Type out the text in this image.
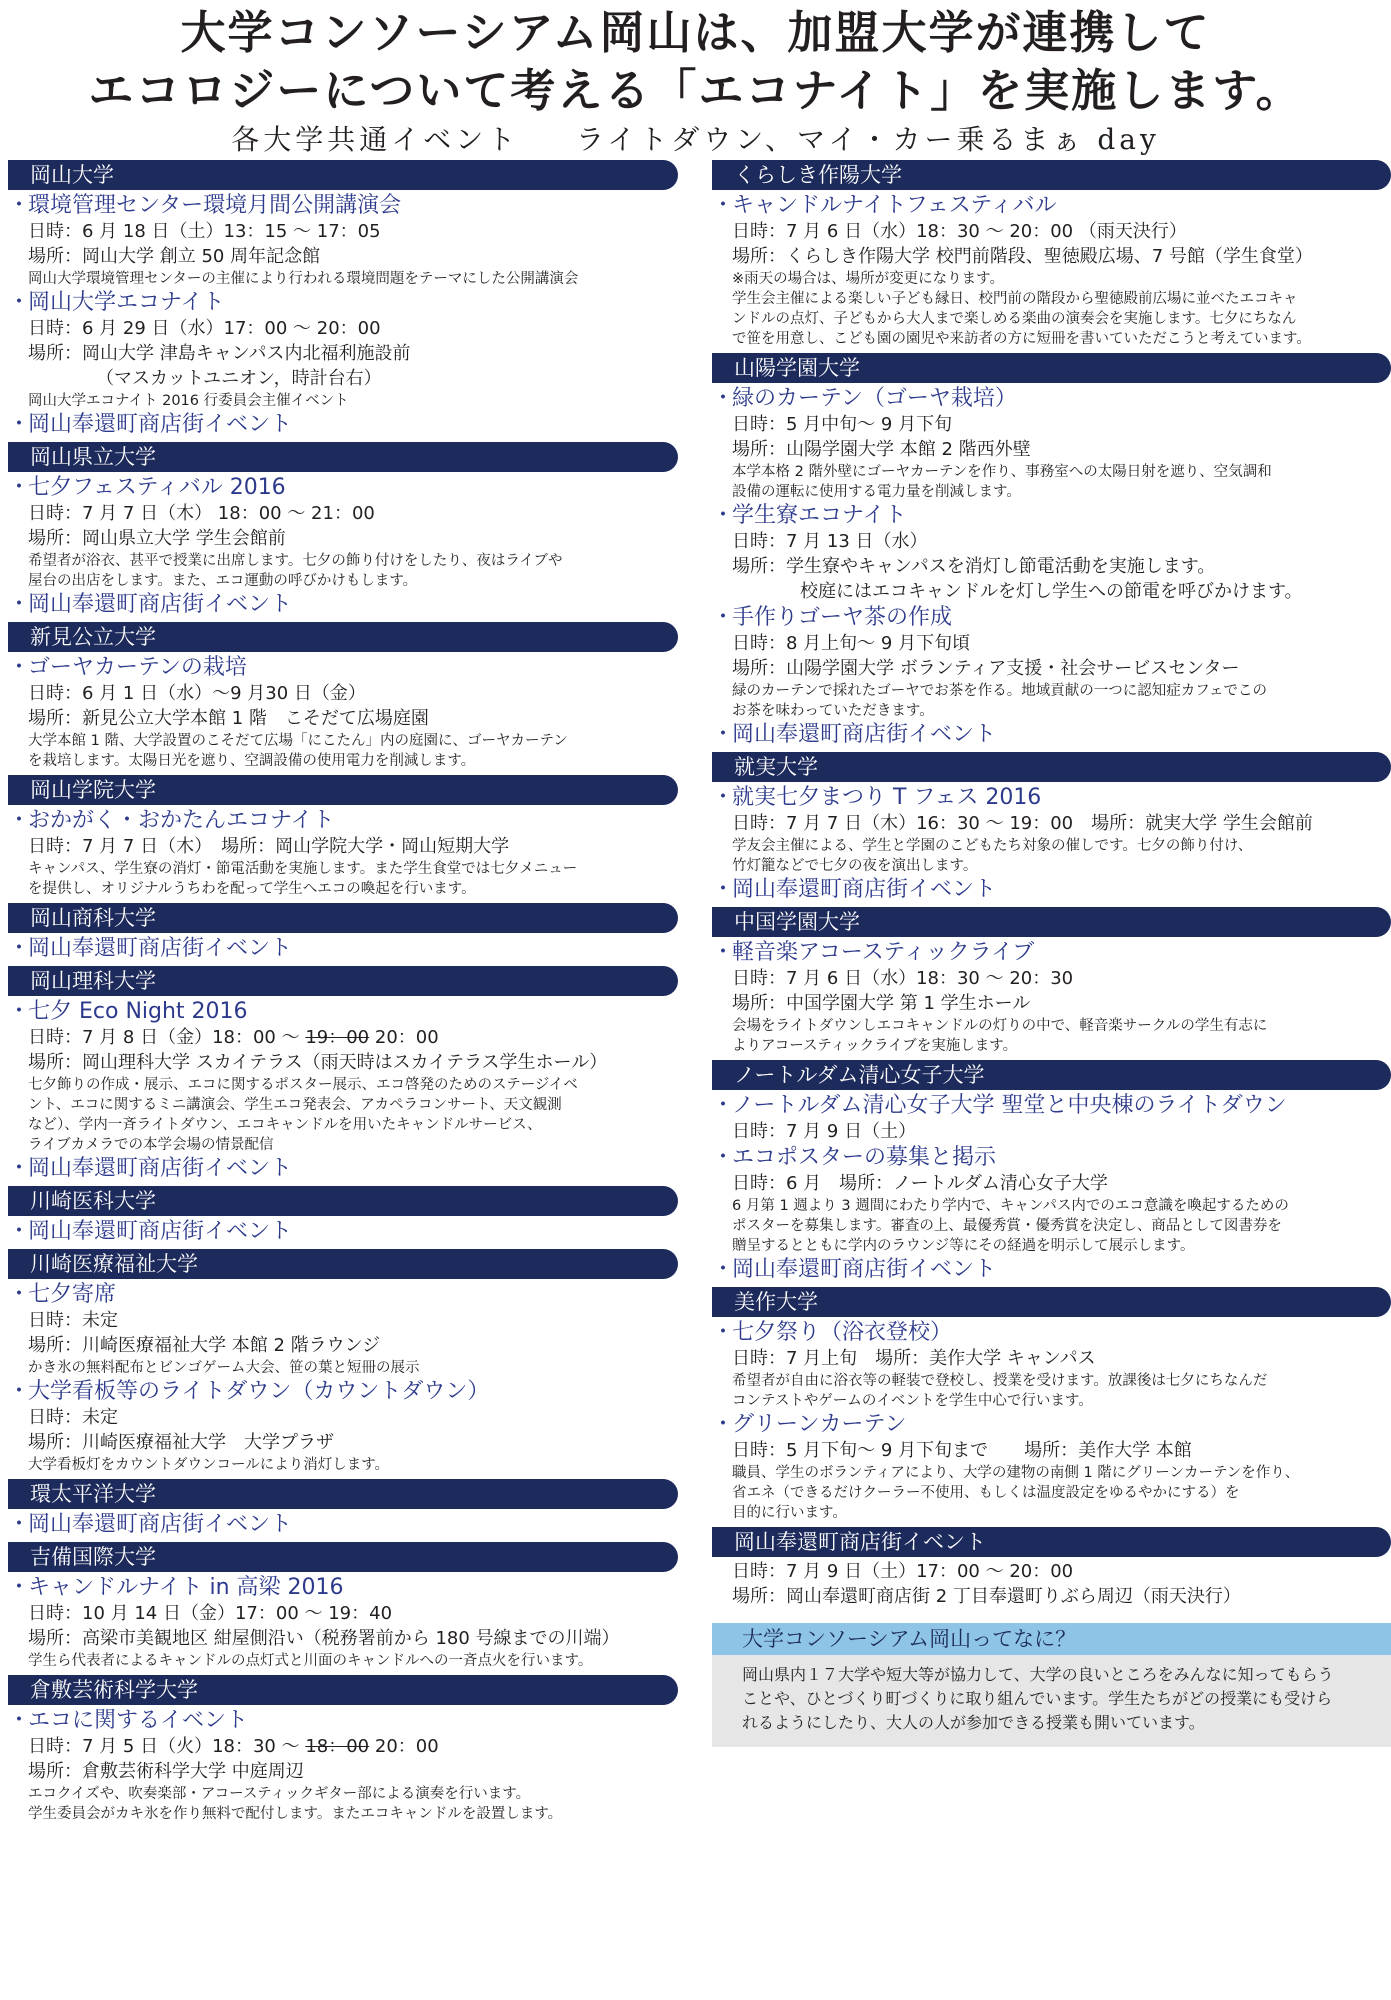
大学コンソーシアム岡山は、加盟大学が連携して
エコロジーについて考える「エコナイト」を実施します。
各大学共通イベント ライトダウン、マイ・カー乗るまぁ day
岡山大学
・環境管理センター環境月間公開講演会
日時：6 月 18 日（土）13：15 ～ 17：05
場所：岡山大学 創立 50 周年記念館
岡山大学環境管理センターの主催により行われる環境問題をテーマにした公開講演会
・岡山大学エコナイト
日時：6 月 29 日（水）17：00 ～ 20：00
場所：岡山大学 津島キャンパス内北福利施設前
（マスカットユニオン，時計台右）
岡山大学エコナイト 2016 行委員会主催イベント
・岡山奉還町商店街イベント
岡山県立大学
・七夕フェスティバル 2016
日時：7 月 7 日（木） 18：00 ～ 21：00
場所：岡山県立大学 学生会館前
希望者が浴衣、甚平で授業に出席します。七夕の飾り付けをしたり、夜はライブや
屋台の出店をします。また、エコ運動の呼びかけもします。
・岡山奉還町商店街イベント
新見公立大学
・ゴーヤカーテンの栽培
日時：6 月 1 日（水）～9 月30 日（金）
場所：新見公立大学本館 1 階　こそだて広場庭園
大学本館 1 階、大学設置のこそだて広場「にこたん」内の庭園に、ゴーヤカーテン
を栽培します。太陽日光を遮り、空調設備の使用電力を削減します。
岡山学院大学
・おかがく・おかたんエコナイト
日時：7 月 7 日（木）　場所：岡山学院大学・岡山短期大学
キャンパス、学生寮の消灯・節電活動を実施します。また学生食堂では七夕メニュー
を提供し、オリジナルうちわを配って学生へエコの喚起を行います。
岡山商科大学
・岡山奉還町商店街イベント
岡山理科大学
・七夕 Eco Night 2016
日時：7 月 8 日（金）18：00 ～ 19：00 20：00
場所：岡山理科大学 スカイテラス（雨天時はスカイテラス学生ホール）
七夕飾りの作成・展示、エコに関するポスター展示、エコ啓発のためのステージイベ
ント、エコに関するミニ講演会、学生エコ発表会、アカペラコンサート、天文観測
など）、学内一斉ライトダウン、エコキャンドルを用いたキャンドルサービス、
ライブカメラでの本学会場の情景配信
・岡山奉還町商店街イベント
川崎医科大学
・岡山奉還町商店街イベント
川崎医療福祉大学
・七夕寄席
日時：未定
場所：川崎医療福祉大学 本館 2 階ラウンジ
かき氷の無料配布とビンゴゲーム大会、笹の葉と短冊の展示
・大学看板等のライトダウン（カウントダウン）
日時：未定
場所：川崎医療福祉大学　大学プラザ
大学看板灯をカウントダウンコールにより消灯します。
環太平洋大学
・岡山奉還町商店街イベント
吉備国際大学
・キャンドルナイト in 高梁 2016
日時：10 月 14 日（金）17：00 ～ 19：40
場所：高梁市美観地区 紺屋側沿い（税務署前から 180 号線までの川端）
学生ら代表者によるキャンドルの点灯式と川面のキャンドルへの一斉点火を行います。
倉敷芸術科学大学
・エコに関するイベント
日時：7 月 5 日（火）18：30 ～ 18：00 20：00
場所：倉敷芸術科学大学 中庭周辺
エコクイズや、吹奏楽部・アコースティックギター部による演奏を行います。
学生委員会がカキ氷を作り無料で配付します。またエコキャンドルを設置します。
くらしき作陽大学
・キャンドルナイトフェスティバル
日時：7 月 6 日（水）18：30 ～ 20：00 （雨天決行）
場所：くらしき作陽大学 校門前階段、聖徳殿広場、7 号館（学生食堂）
※雨天の場合は、場所が変更になります。
学生会主催による楽しい子ども縁日、校門前の階段から聖徳殿前広場に並べたエコキャ
ンドルの点灯、子どもから大人まで楽しめる楽曲の演奏会を実施します。七夕にちなん
で笹を用意し、こども園の園児や来訪者の方に短冊を書いていただこうと考えています。
山陽学園大学
・緑のカーテン（ゴーヤ栽培）
日時：5 月中旬～ 9 月下旬
場所：山陽学園大学 本館 2 階西外壁
本学本格 2 階外壁にゴーヤカーテンを作り、事務室への太陽日射を遮り、空気調和
設備の運転に使用する電力量を削減します。
・学生寮エコナイト
日時：7 月 13 日（水）
場所：学生寮やキャンパスを消灯し節電活動を実施します。
校庭にはエコキャンドルを灯し学生への節電を呼びかけます。
・手作りゴーヤ茶の作成
日時：8 月上旬～ 9 月下旬頃
場所：山陽学園大学 ボランティア支援・社会サービスセンター
緑のカーテンで採れたゴーヤでお茶を作る。地域貢献の一つに認知症カフェでこの
お茶を味わっていただきます。
・岡山奉還町商店街イベント
就実大学
・就実七夕まつり T フェス 2016
日時：7 月 7 日（木）16：30 ～ 19：00　場所：就実大学 学生会館前
学友会主催による、学生と学園のこどもたち対象の催しです。七夕の飾り付け、
竹灯籠などで七夕の夜を演出します。
・岡山奉還町商店街イベント
中国学園大学
・軽音楽アコースティックライブ
日時：7 月 6 日（水）18：30 ～ 20：30
場所：中国学園大学 第 1 学生ホール
会場をライトダウンしエコキャンドルの灯りの中で、軽音楽サークルの学生有志に
よりアコースティックライブを実施します。
ノートルダム清心女子大学
・ノートルダム清心女子大学 聖堂と中央棟のライトダウン
日時：7 月 9 日（土）
・エコポスターの募集と掲示
日時：6 月　場所：ノートルダム清心女子大学
6 月第 1 週より 3 週間にわたり学内で、キャンパス内でのエコ意識を喚起するための
ポスターを募集します。審査の上、最優秀賞・優秀賞を決定し、商品として図書券を
贈呈するとともに学内のラウンジ等にその経過を明示して展示します。
・岡山奉還町商店街イベント
美作大学
・七夕祭り（浴衣登校）
日時：7 月上旬　場所：美作大学 キャンパス
希望者が自由に浴衣等の軽装で登校し、授業を受けます。放課後は七夕にちなんだ
コンテストやゲームのイベントを学生中心で行います。
・グリーンカーテン
日時：5 月下旬～ 9 月下旬まで　　場所：美作大学 本館
職員、学生のボランティアにより、大学の建物の南側 1 階にグリーンカーテンを作り、
省エネ（できるだけクーラー不使用、もしくは温度設定をゆるやかにする）を
目的に行います。
岡山奉還町商店街イベント
日時：7 月 9 日（土）17：00 ～ 20：00
場所：岡山奉還町商店街 2 丁目奉還町りぶら周辺（雨天決行）
大学コンソーシアム岡山ってなに？
岡山県内１７大学や短大等が協力して、大学の良いところをみんなに知ってもらう
ことや、ひとづくり町づくりに取り組んでいます。学生たちがどの授業にも受けら
れるようにしたり、大人の人が参加できる授業も開いています。
